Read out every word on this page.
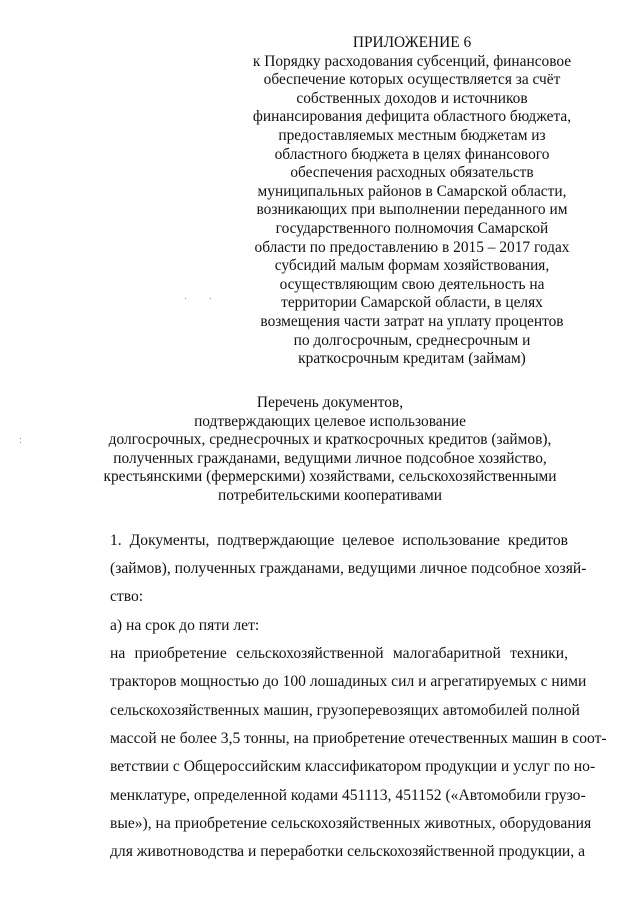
ПРИЛОЖЕНИЕ 6
к Порядку расходования субсенций, финансовое
обеспечение которых осуществляется за счёт
собственных доходов и источников
финансирования дефицита областного бюджета,
предоставляемых местным бюджетам из
областного бюджета в целях финансового
обеспечения расходных обязательств
муниципальных районов в Самарской области,
возникающих при выполнении переданного им
государственного полномочия Самарской
области по предоставлению в 2015 – 2017 годах
субсидий малым формам хозяйствования,
осуществляющим свою деятельность на
территории Самарской области, в целях
возмещения части затрат на уплату процентов
по долгосрочным, среднесрочным и
краткосрочным кредитам (займам)
Перечень документов,
подтверждающих целевое использование
долгосрочных, среднесрочных и краткосрочных кредитов (займов),
полученных гражданами, ведущими личное подсобное хозяйство,
крестьянскими (фермерскими) хозяйствами, сельскохозяйственными
потребительскими кооперативами
1. Документы, подтверждающие целевое использование кредитов
(займов), полученных гражданами, ведущими личное подсобное хозяй-
ство:
а) на срок до пяти лет:
на приобретение сельскохозяйственной малогабаритной техники,
тракторов мощностью до 100 лошадиных сил и агрегатируемых с ними
сельскохозяйственных машин, грузоперевозящих автомобилей полной
массой не более 3,5 тонны, на приобретение отечественных машин в соот-
ветствии с Общероссийским классификатором продукции и услуг по но-
менклатуре, определенной кодами 451113, 451152 («Автомобили грузо-
вые»), на приобретение сельскохозяйственных животных, оборудования
для животноводства и переработки сельскохозяйственной продукции, а
